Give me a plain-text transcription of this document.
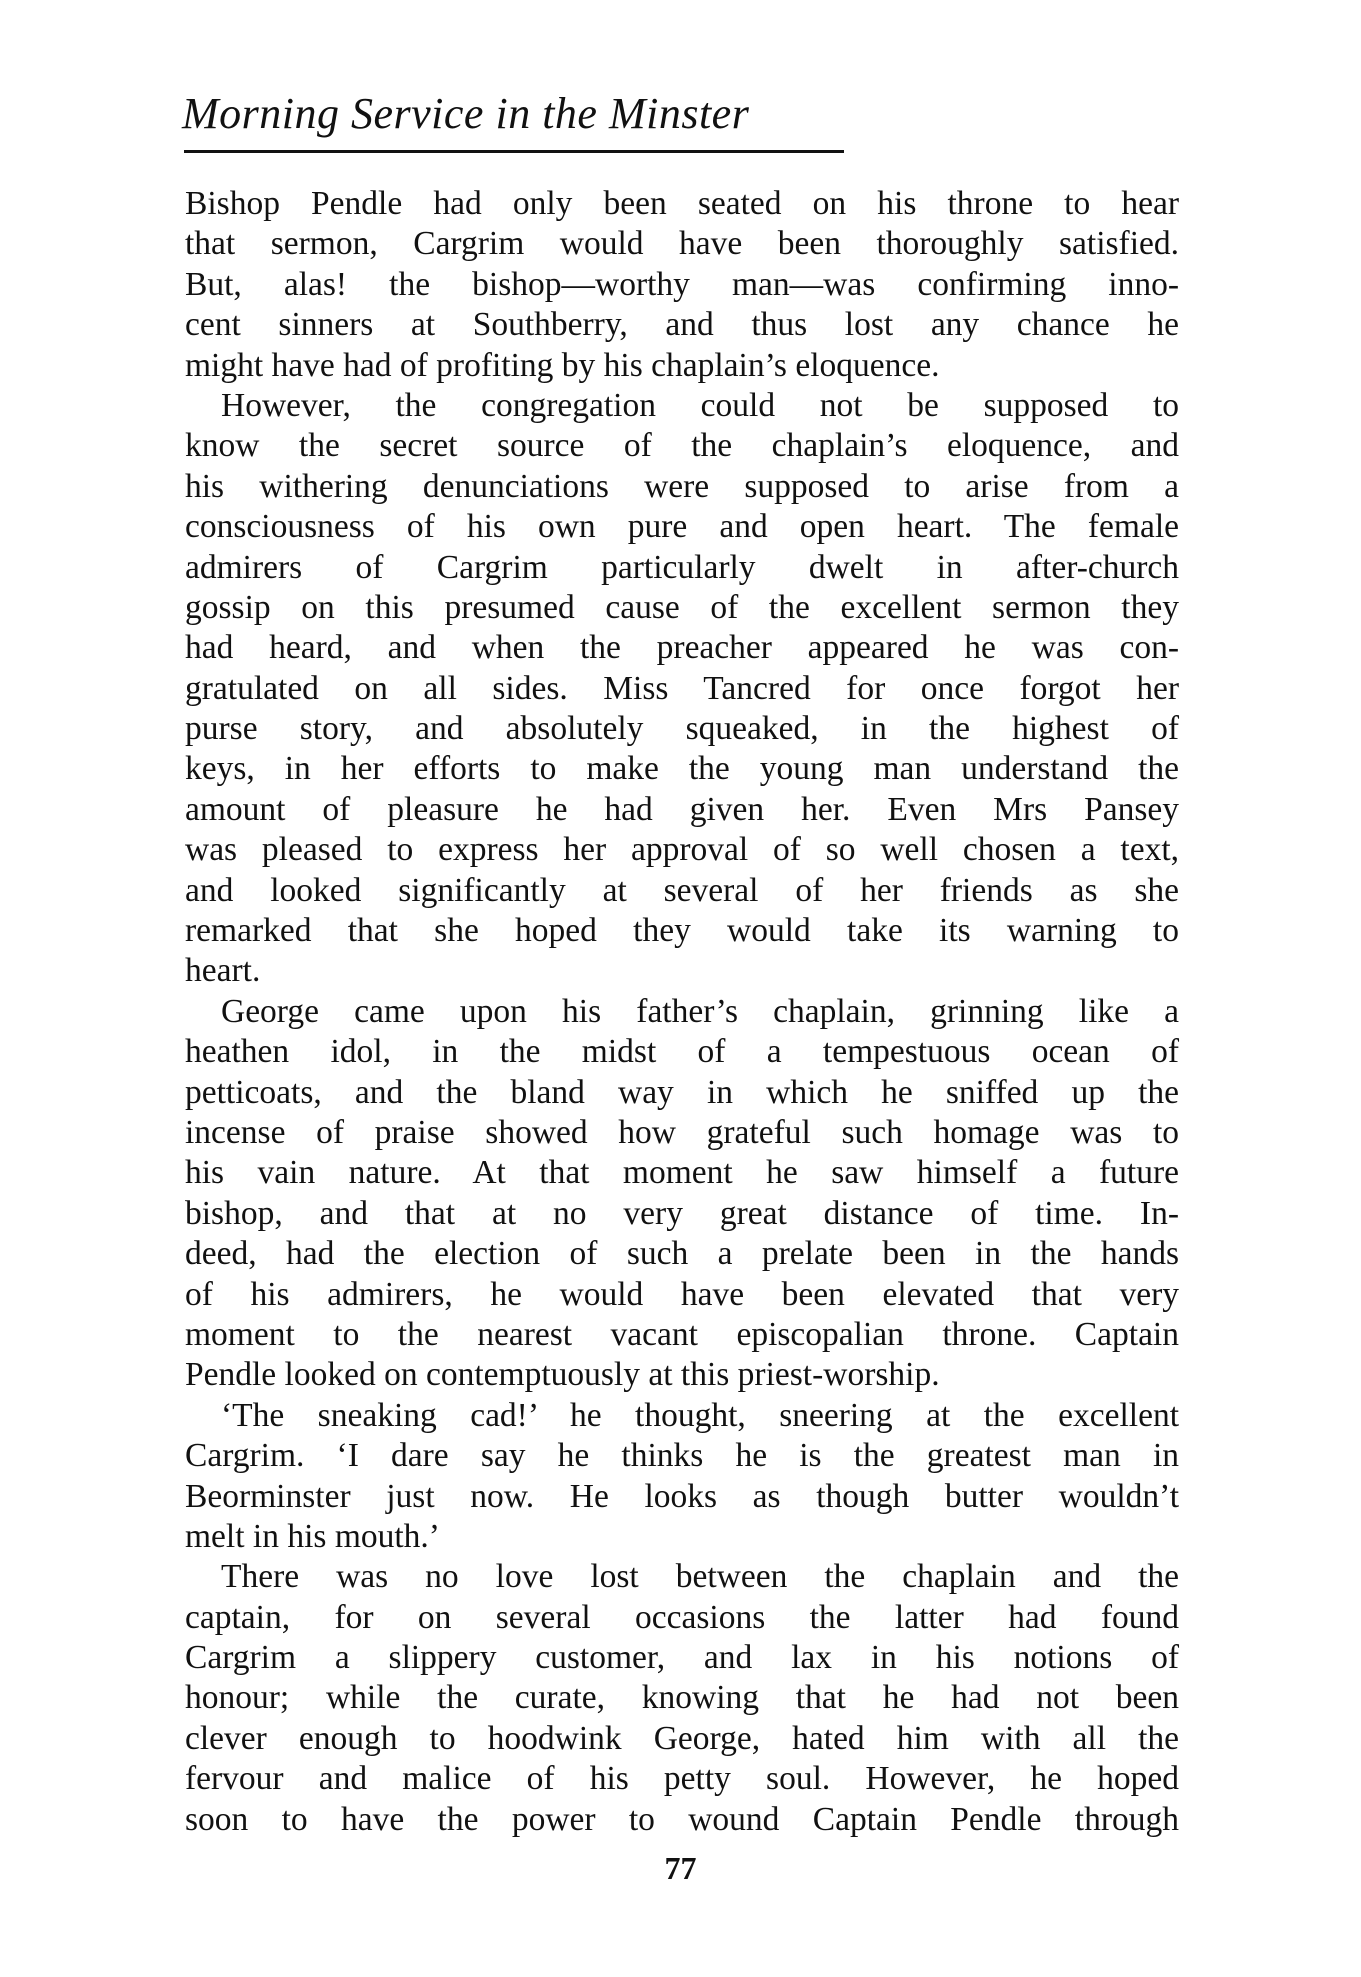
Morning Service in the Minster
Bishop Pendle had only been seated on his throne to hear
that sermon, Cargrim would have been thoroughly satisfied.
But, alas! the bishop—worthy man—was confirming inno-
cent sinners at Southberry, and thus lost any chance he
might have had of profiting by his chaplain’s eloquence.
However, the congregation could not be supposed to
know the secret source of the chaplain’s eloquence, and
his withering denunciations were supposed to arise from a
consciousness of his own pure and open heart. The female
admirers of Cargrim particularly dwelt in after-church
gossip on this presumed cause of the excellent sermon they
had heard, and when the preacher appeared he was con-
gratulated on all sides. Miss Tancred for once forgot her
purse story, and absolutely squeaked, in the highest of
keys, in her efforts to make the young man understand the
amount of pleasure he had given her. Even Mrs Pansey
was pleased to express her approval of so well chosen a text,
and looked significantly at several of her friends as she
remarked that she hoped they would take its warning to
heart.
George came upon his father’s chaplain, grinning like a
heathen idol, in the midst of a tempestuous ocean of
petticoats, and the bland way in which he sniffed up the
incense of praise showed how grateful such homage was to
his vain nature. At that moment he saw himself a future
bishop, and that at no very great distance of time. In-
deed, had the election of such a prelate been in the hands
of his admirers, he would have been elevated that very
moment to the nearest vacant episcopalian throne. Captain
Pendle looked on contemptuously at this priest-worship.
‘The sneaking cad!’ he thought, sneering at the excellent
Cargrim. ‘I dare say he thinks he is the greatest man in
Beorminster just now. He looks as though butter wouldn’t
melt in his mouth.’
There was no love lost between the chaplain and the
captain, for on several occasions the latter had found
Cargrim a slippery customer, and lax in his notions of
honour; while the curate, knowing that he had not been
clever enough to hoodwink George, hated him with all the
fervour and malice of his petty soul. However, he hoped
soon to have the power to wound Captain Pendle through
77
